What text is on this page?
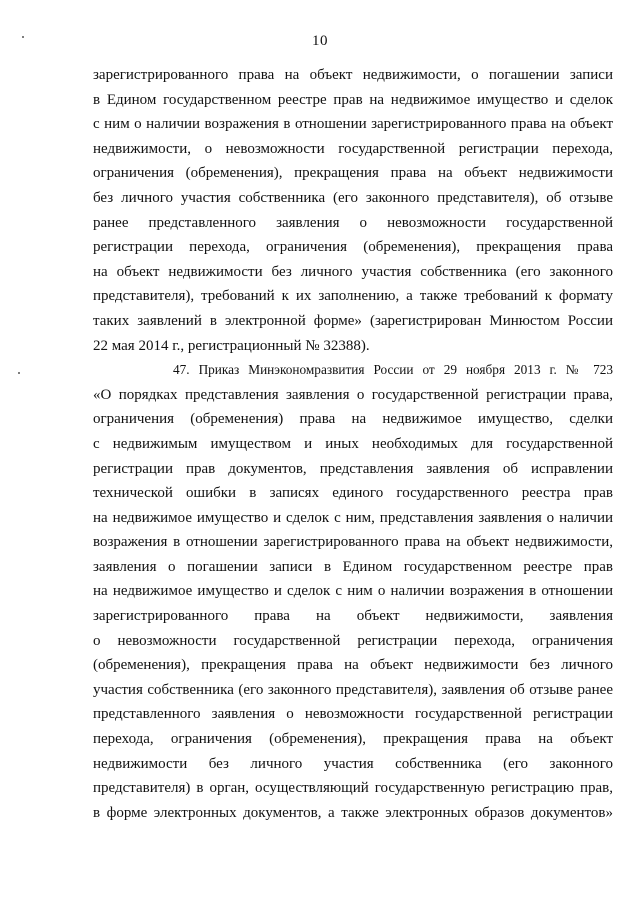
10
зарегистрированного права на объект недвижимости, о погашении записи
в Едином государственном реестре прав на недвижимое имущество и сделок
с ним о наличии возражения в отношении зарегистрированного права на объект
недвижимости, о невозможности государственной регистрации перехода,
ограничения (обременения), прекращения права на объект недвижимости
без личного участия собственника (его законного представителя), об отзыве
ранее представленного заявления о невозможности государственной
регистрации перехода, ограничения (обременения), прекращения права
на объект недвижимости без личного участия собственника (его законного
представителя), требований к их заполнению, а также требований к формату
таких заявлений в электронной форме» (зарегистрирован Минюстом России
22 мая 2014 г., регистрационный № 32388).
47. Приказ Минэкономразвития России от 29 ноября 2013 г. № 723
«О порядках представления заявления о государственной регистрации права,
ограничения (обременения) права на недвижимое имущество, сделки
с недвижимым имуществом и иных необходимых для государственной
регистрации прав документов, представления заявления об исправлении
технической ошибки в записях единого государственного реестра прав
на недвижимое имущество и сделок с ним, представления заявления о наличии
возражения в отношении зарегистрированного права на объект недвижимости,
заявления о погашении записи в Едином государственном реестре прав
на недвижимое имущество и сделок с ним о наличии возражения в отношении
зарегистрированного права на объект недвижимости, заявления
о невозможности государственной регистрации перехода, ограничения
(обременения), прекращения права на объект недвижимости без личного
участия собственника (его законного представителя), заявления об отзыве ранее
представленного заявления о невозможности государственной регистрации
перехода, ограничения (обременения), прекращения права на объект
недвижимости без личного участия собственника (его законного
представителя) в орган, осуществляющий государственную регистрацию прав,
в форме электронных документов, а также электронных образов документов»
